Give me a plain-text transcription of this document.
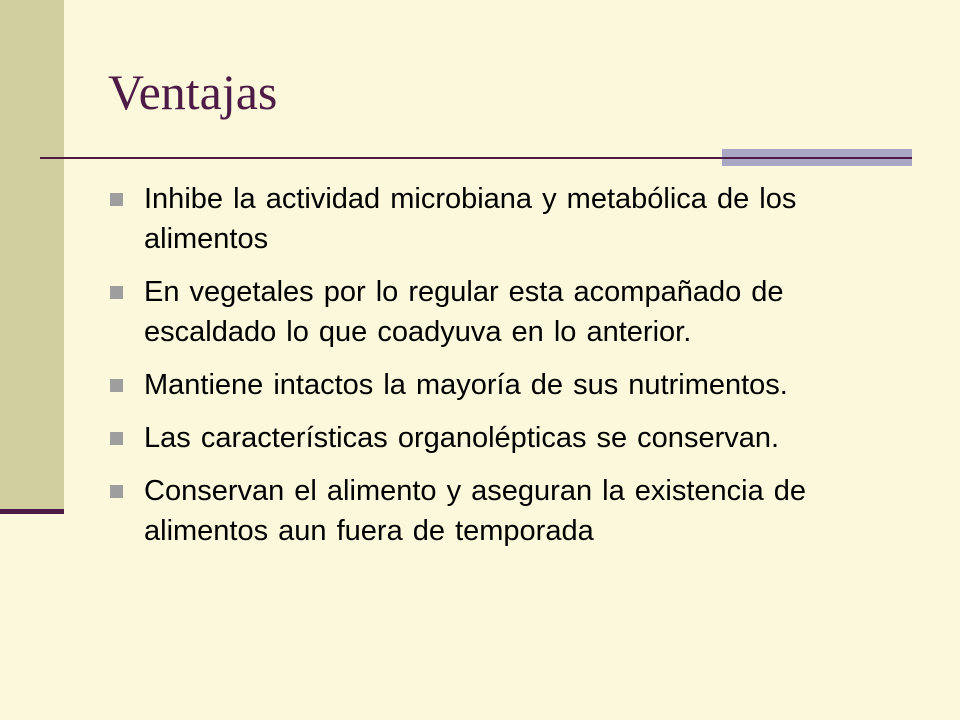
Ventajas
Inhibe la actividad microbiana y metabólica de los alimentos
En vegetales por lo regular esta acompañado de escaldado lo que coadyuva en lo anterior.
Mantiene intactos la mayoría de sus nutrimentos.
Las características organolépticas se conservan.
Conservan el alimento y aseguran la existencia de alimentos aun fuera de temporada
